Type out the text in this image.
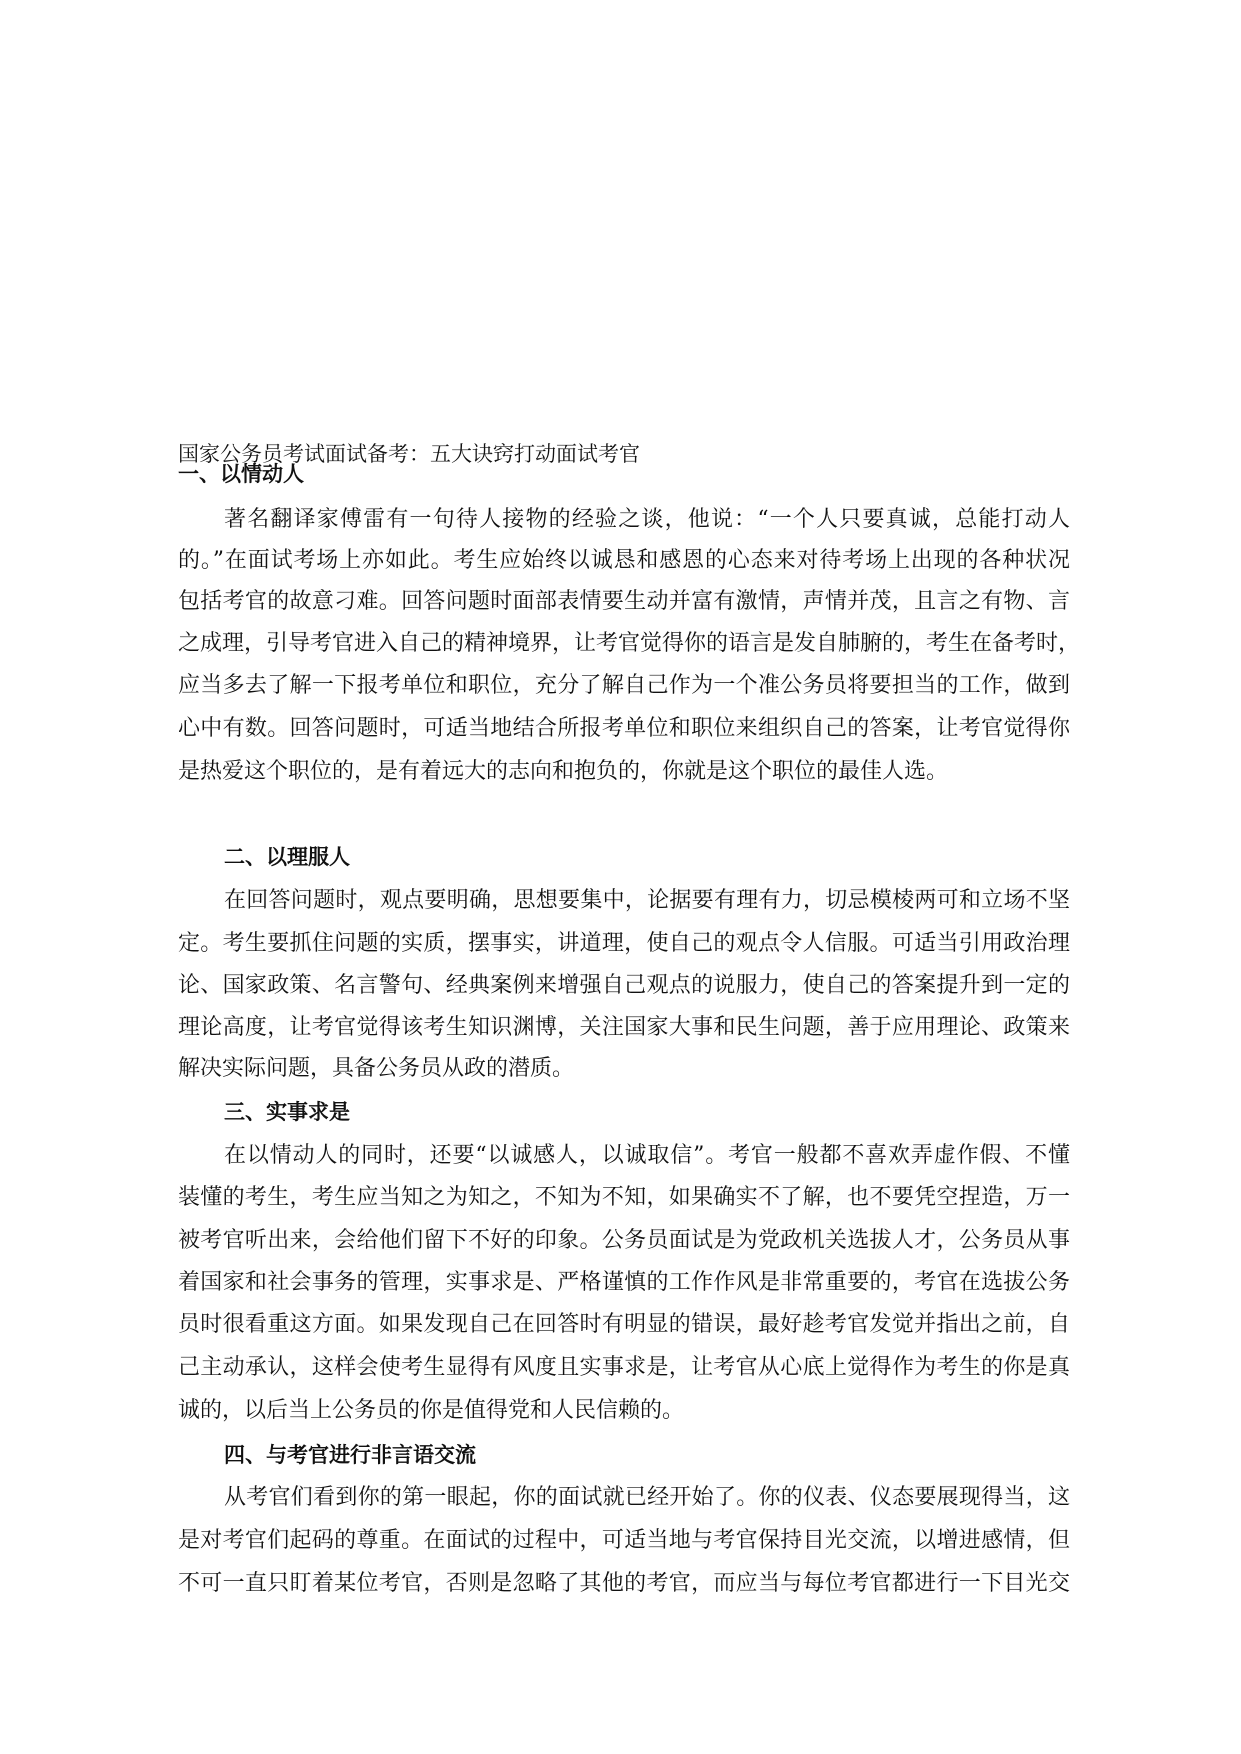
国家公务员考试面试备考：五大诀窍打动面试考官
一、以情动人
著名翻译家傅雷有一句待人接物的经验之谈，他说：“一个人只要真诚，总能打动人
的。”在面试考场上亦如此。考生应始终以诚恳和感恩的心态来对待考场上出现的各种状况
包括考官的故意刁难。回答问题时面部表情要生动并富有激情，声情并茂，且言之有物、言
之成理，引导考官进入自己的精神境界，让考官觉得你的语言是发自肺腑的，考生在备考时，
应当多去了解一下报考单位和职位，充分了解自己作为一个准公务员将要担当的工作，做到
心中有数。回答问题时，可适当地结合所报考单位和职位来组织自己的答案，让考官觉得你
是热爱这个职位的，是有着远大的志向和抱负的，你就是这个职位的最佳人选。
二、以理服人
在回答问题时，观点要明确，思想要集中，论据要有理有力，切忌模棱两可和立场不坚
定。考生要抓住问题的实质，摆事实，讲道理，使自己的观点令人信服。可适当引用政治理
论、国家政策、名言警句、经典案例来增强自己观点的说服力，使自己的答案提升到一定的
理论高度，让考官觉得该考生知识渊博，关注国家大事和民生问题，善于应用理论、政策来
解决实际问题，具备公务员从政的潜质。
三、实事求是
在以情动人的同时，还要“以诚感人，以诚取信”。考官一般都不喜欢弄虚作假、不懂
装懂的考生，考生应当知之为知之，不知为不知，如果确实不了解，也不要凭空捏造，万一
被考官听出来，会给他们留下不好的印象。公务员面试是为党政机关选拔人才，公务员从事
着国家和社会事务的管理，实事求是、严格谨慎的工作作风是非常重要的，考官在选拔公务
员时很看重这方面。如果发现自己在回答时有明显的错误，最好趁考官发觉并指出之前，自
己主动承认，这样会使考生显得有风度且实事求是，让考官从心底上觉得作为考生的你是真
诚的，以后当上公务员的你是值得党和人民信赖的。
四、与考官进行非言语交流
从考官们看到你的第一眼起，你的面试就已经开始了。你的仪表、仪态要展现得当，这
是对考官们起码的尊重。在面试的过程中，可适当地与考官保持目光交流，以增进感情，但
不可一直只盯着某位考官，否则是忽略了其他的考官，而应当与每位考官都进行一下目光交
